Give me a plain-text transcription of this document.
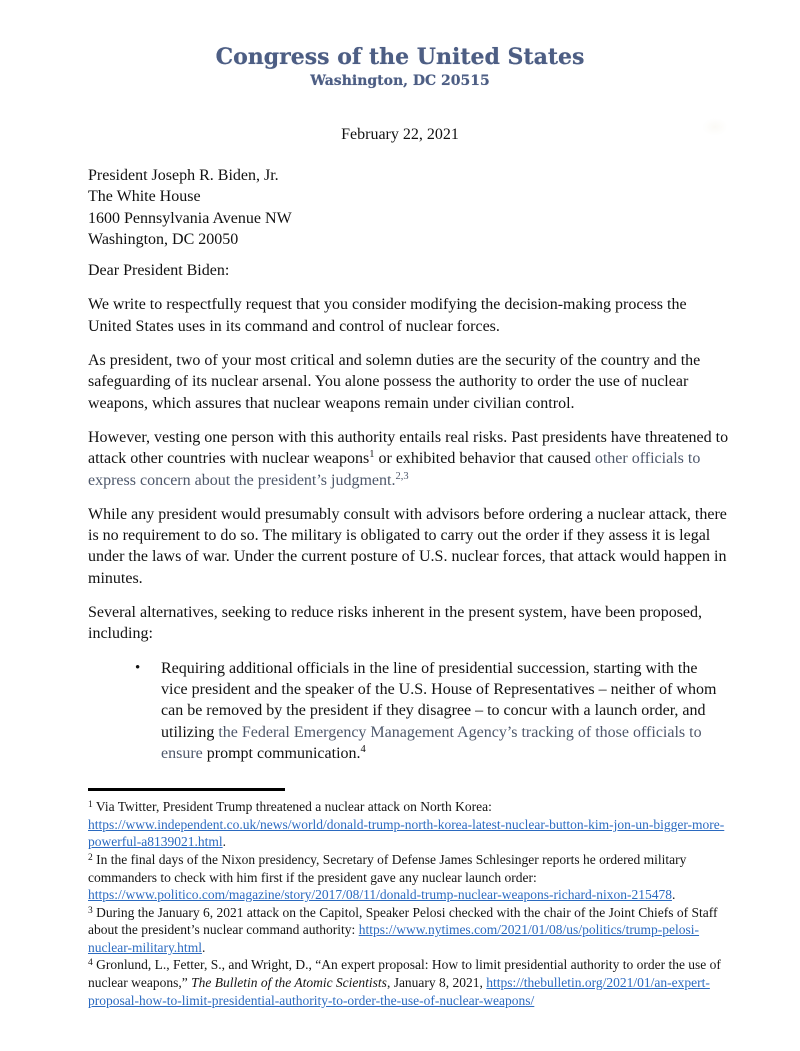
Congress of the United States
Washington, DC 20515
February 22, 2021
President Joseph R. Biden, Jr.
The White House
1600 Pennsylvania Avenue NW
Washington, DC 20050
Dear President Biden:

We write to respectfully request that you consider modifying the decision-making process the United States uses in its command and control of nuclear forces.

As president, two of your most critical and solemn duties are the security of the country and the safeguarding of its nuclear arsenal. You alone possess the authority to order the use of nuclear weapons, which assures that nuclear weapons remain under civilian control.

However, vesting one person with this authority entails real risks. Past presidents have threatened to attack other countries with nuclear weapons$^1$ or exhibited behavior that caused other officials to express concern about the president’s judgment.$^{2,3}$

While any president would presumably consult with advisors before ordering a nuclear attack, there is no requirement to do so. The military is obligated to carry out the order if they assess it is legal under the laws of war. Under the current posture of U.S. nuclear forces, that attack would happen in minutes.

Several alternatives, seeking to reduce risks inherent in the present system, have been proposed, including:

•	Requiring additional officials in the line of presidential succession, starting with the vice president and the speaker of the U.S. House of Representatives – neither of whom can be removed by the president if they disagree – to concur with a launch order, and utilizing the Federal Emergency Management Agency’s tracking of those officials to ensure prompt communication.$^4$
$^1$ Via Twitter, President Trump threatened a nuclear attack on North Korea: https://www.independent.co.uk/news/world/donald-trump-north-korea-latest-nuclear-button-kim-jon-un-bigger-more-powerful-a8139021.html.
$^2$ In the final days of the Nixon presidency, Secretary of Defense James Schlesinger reports he ordered military commanders to check with him first if the president gave any nuclear launch order: https://www.politico.com/magazine/story/2017/08/11/donald-trump-nuclear-weapons-richard-nixon-215478.
$^3$ During the January 6, 2021 attack on the Capitol, Speaker Pelosi checked with the chair of the Joint Chiefs of Staff about the president’s nuclear command authority: https://www.nytimes.com/2021/01/08/us/politics/trump-pelosi-nuclear-military.html.
$^4$ Gronlund, L., Fetter, S., and Wright, D., “An expert proposal: How to limit presidential authority to order the use of nuclear weapons,” The Bulletin of the Atomic Scientists, January 8, 2021, https://thebulletin.org/2021/01/an-expert-proposal-how-to-limit-presidential-authority-to-order-the-use-of-nuclear-weapons/
